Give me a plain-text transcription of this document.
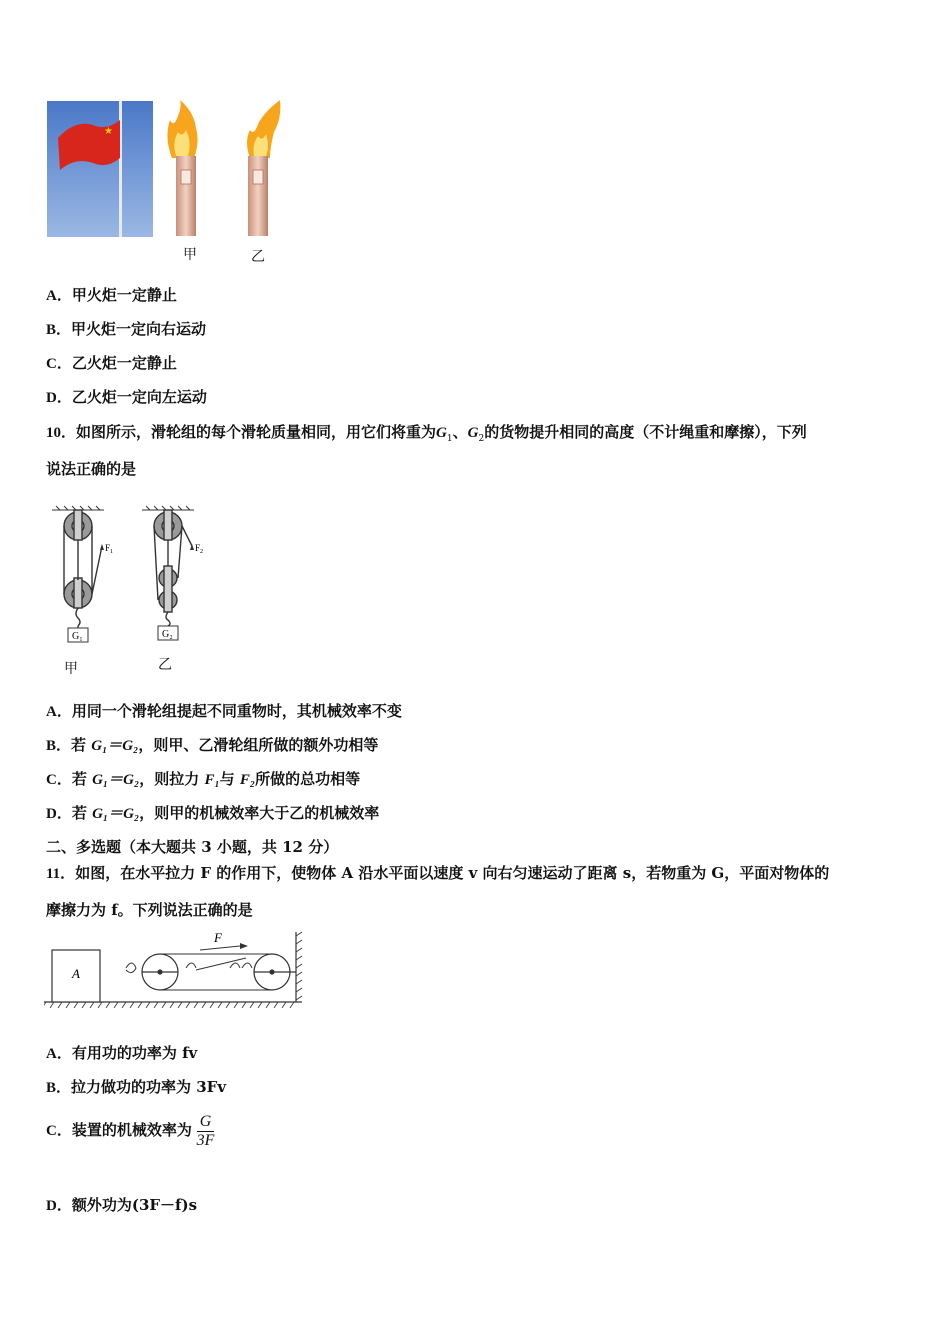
★
甲	乙
A．甲火炬一定静止
B．甲火炬一定向右运动
C．乙火炬一定静止
D．乙火炬一定向左运动
10．如图所示，滑轮组的每个滑轮质量相同，用它们将重为$G_1$、$G_2$的货物提升相同的高度（不计绳重和摩擦），下列
说法正确的是
G₁
$F_1$
G₂
$F_2$
甲	乙
A．用同一个滑轮组提起不同重物时，其机械效率不变
B．若 G₁＝G₂，则甲、乙滑轮组所做的额外功相等
C．若 G₁＝G₂，则拉力 F₁与 F₂所做的总功相等
D．若 G₁＝G₂，则甲的机械效率大于乙的机械效率
二、多选题（本大题共 3 小题，共 12 分）
11．如图，在水平拉力 F 的作用下，使物体 A 沿水平面以速度 v 向右匀速运动了距离 s，若物重为 G，平面对物体的
摩擦力为 f。下列说法正确的是
A
F
A．有用功的功率为 fv
B．拉力做功的功率为 3Fv
C．装置的机械效率为 $\frac{G}{3F}$
D．额外功为(3F－f)s
